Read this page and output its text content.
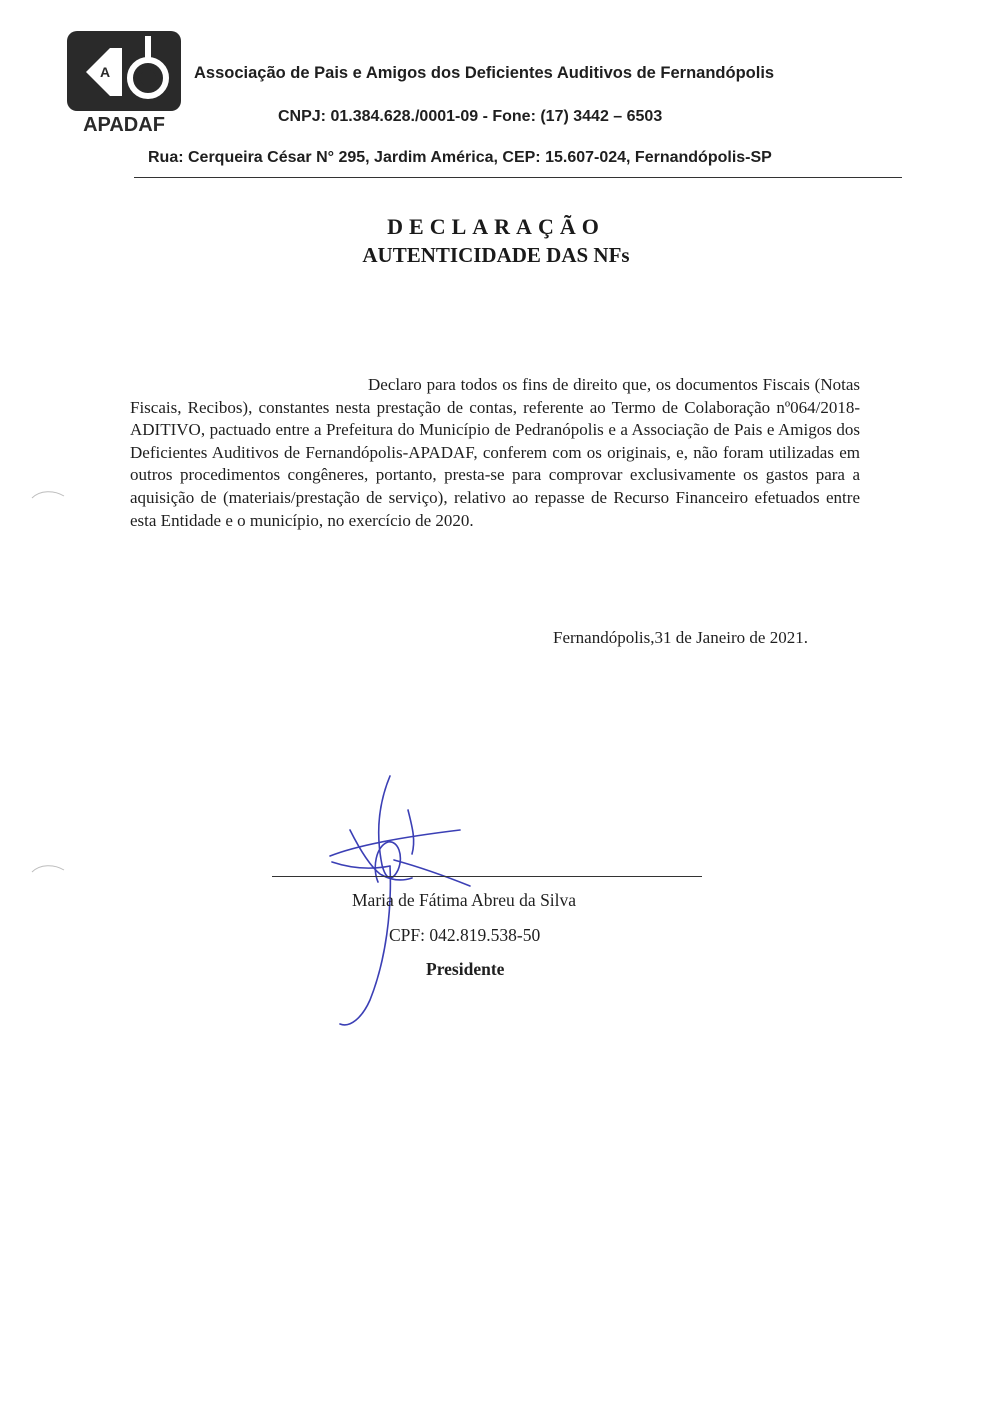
A
APADAF
Associação de Pais e Amigos dos Deficientes Auditivos de Fernandópolis
CNPJ: 01.384.628./0001-09 - Fone: (17) 3442 – 6503
Rua: Cerqueira César N° 295, Jardim América, CEP: 15.607-024, Fernandópolis-SP
DECLARAÇÃO
AUTENTICIDADE DAS NFs

Declaro para todos os fins de direito que, os documentos Fiscais (Notas Fiscais, Recibos), constantes nesta prestação de contas, referente ao Termo de Colaboração nº064/2018-ADITIVO, pactuado entre a Prefeitura do Município de Pedranópolis e a Associação de Pais e Amigos dos Deficientes Auditivos de Fernandópolis-APADAF, conferem com os originais, e, não foram utilizadas em outros procedimentos congêneres, portanto, presta-se para comprovar exclusivamente os gastos para a aquisição de (materiais/prestação de serviço), relativo ao repasse de Recurso Financeiro efetuados entre esta Entidade e o município, no exercício de 2020.

Fernandópolis,31 de Janeiro de 2021.
Maria de Fátima Abreu da Silva
CPF: 042.819.538-50
Presidente
